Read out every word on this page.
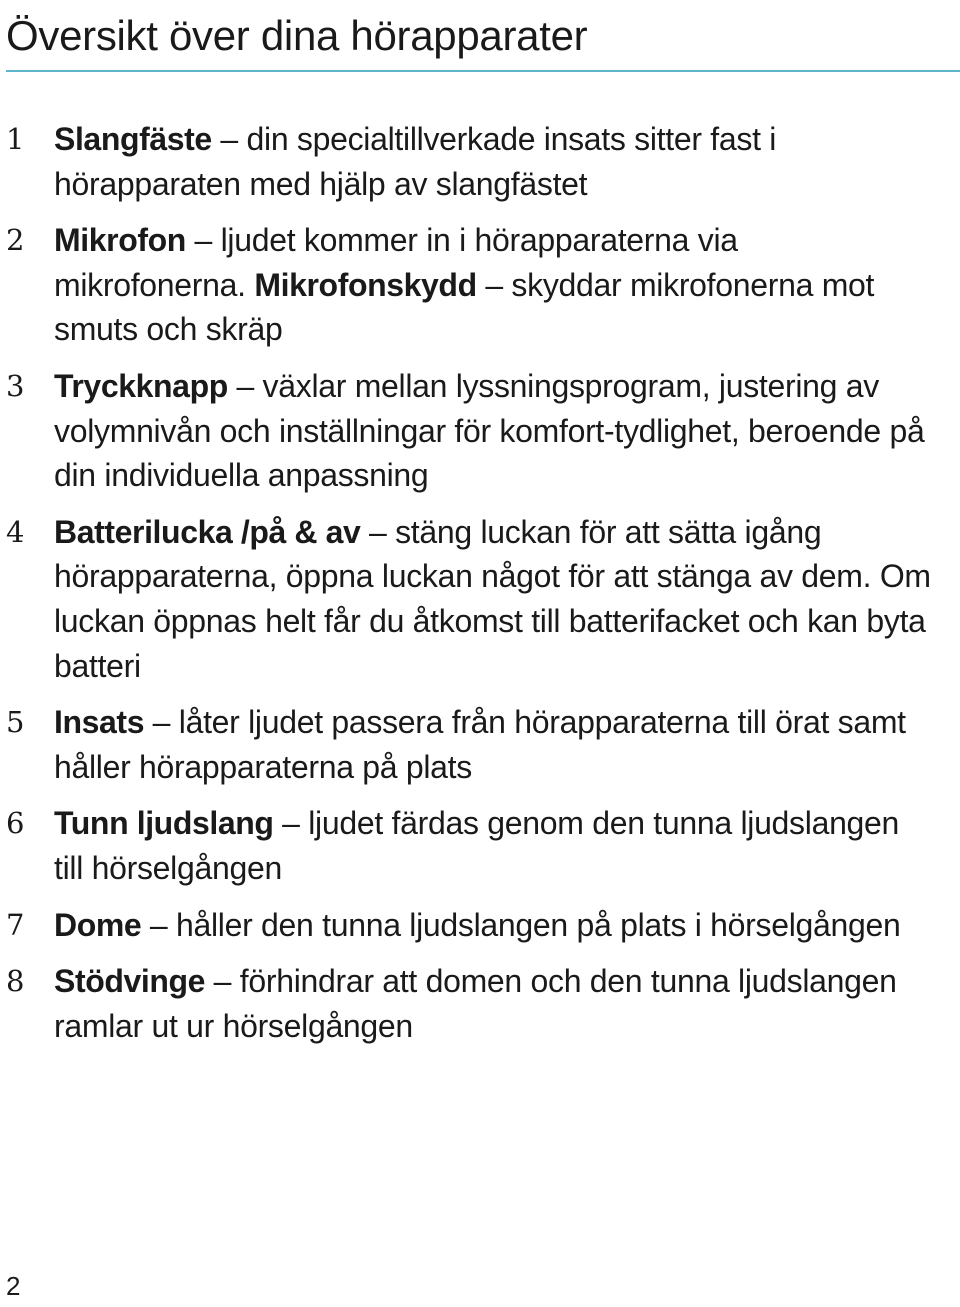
Översikt över dina hörapparater
1 Slangfäste – din specialtillverkade insats sitter fast i hörapparaten med hjälp av slangfästet
2 Mikrofon – ljudet kommer in i hörapparaterna via mikrofonerna. Mikrofonskydd – skyddar mikrofonerna mot smuts och skräp
3 Tryckknapp – växlar mellan lyssningsprogram, justering av volymnivån och inställningar för komfort-tydlighet, beroende på din individuella anpassning
4 Batterilucka /på & av – stäng luckan för att sätta igång hörapparaterna, öppna luckan något för att stänga av dem. Om luckan öppnas helt får du åtkomst till batterifacket och kan byta batteri
5 Insats – låter ljudet passera från hörapparaterna till örat samt håller hörapparaterna på plats
6 Tunn ljudslang – ljudet färdas genom den tunna ljudslangen till hörselgången
7 Dome – håller den tunna ljudslangen på plats i hörselgången
8 Stödvinge – förhindrar att domen och den tunna ljudslangen ramlar ut ur hörselgången
2
